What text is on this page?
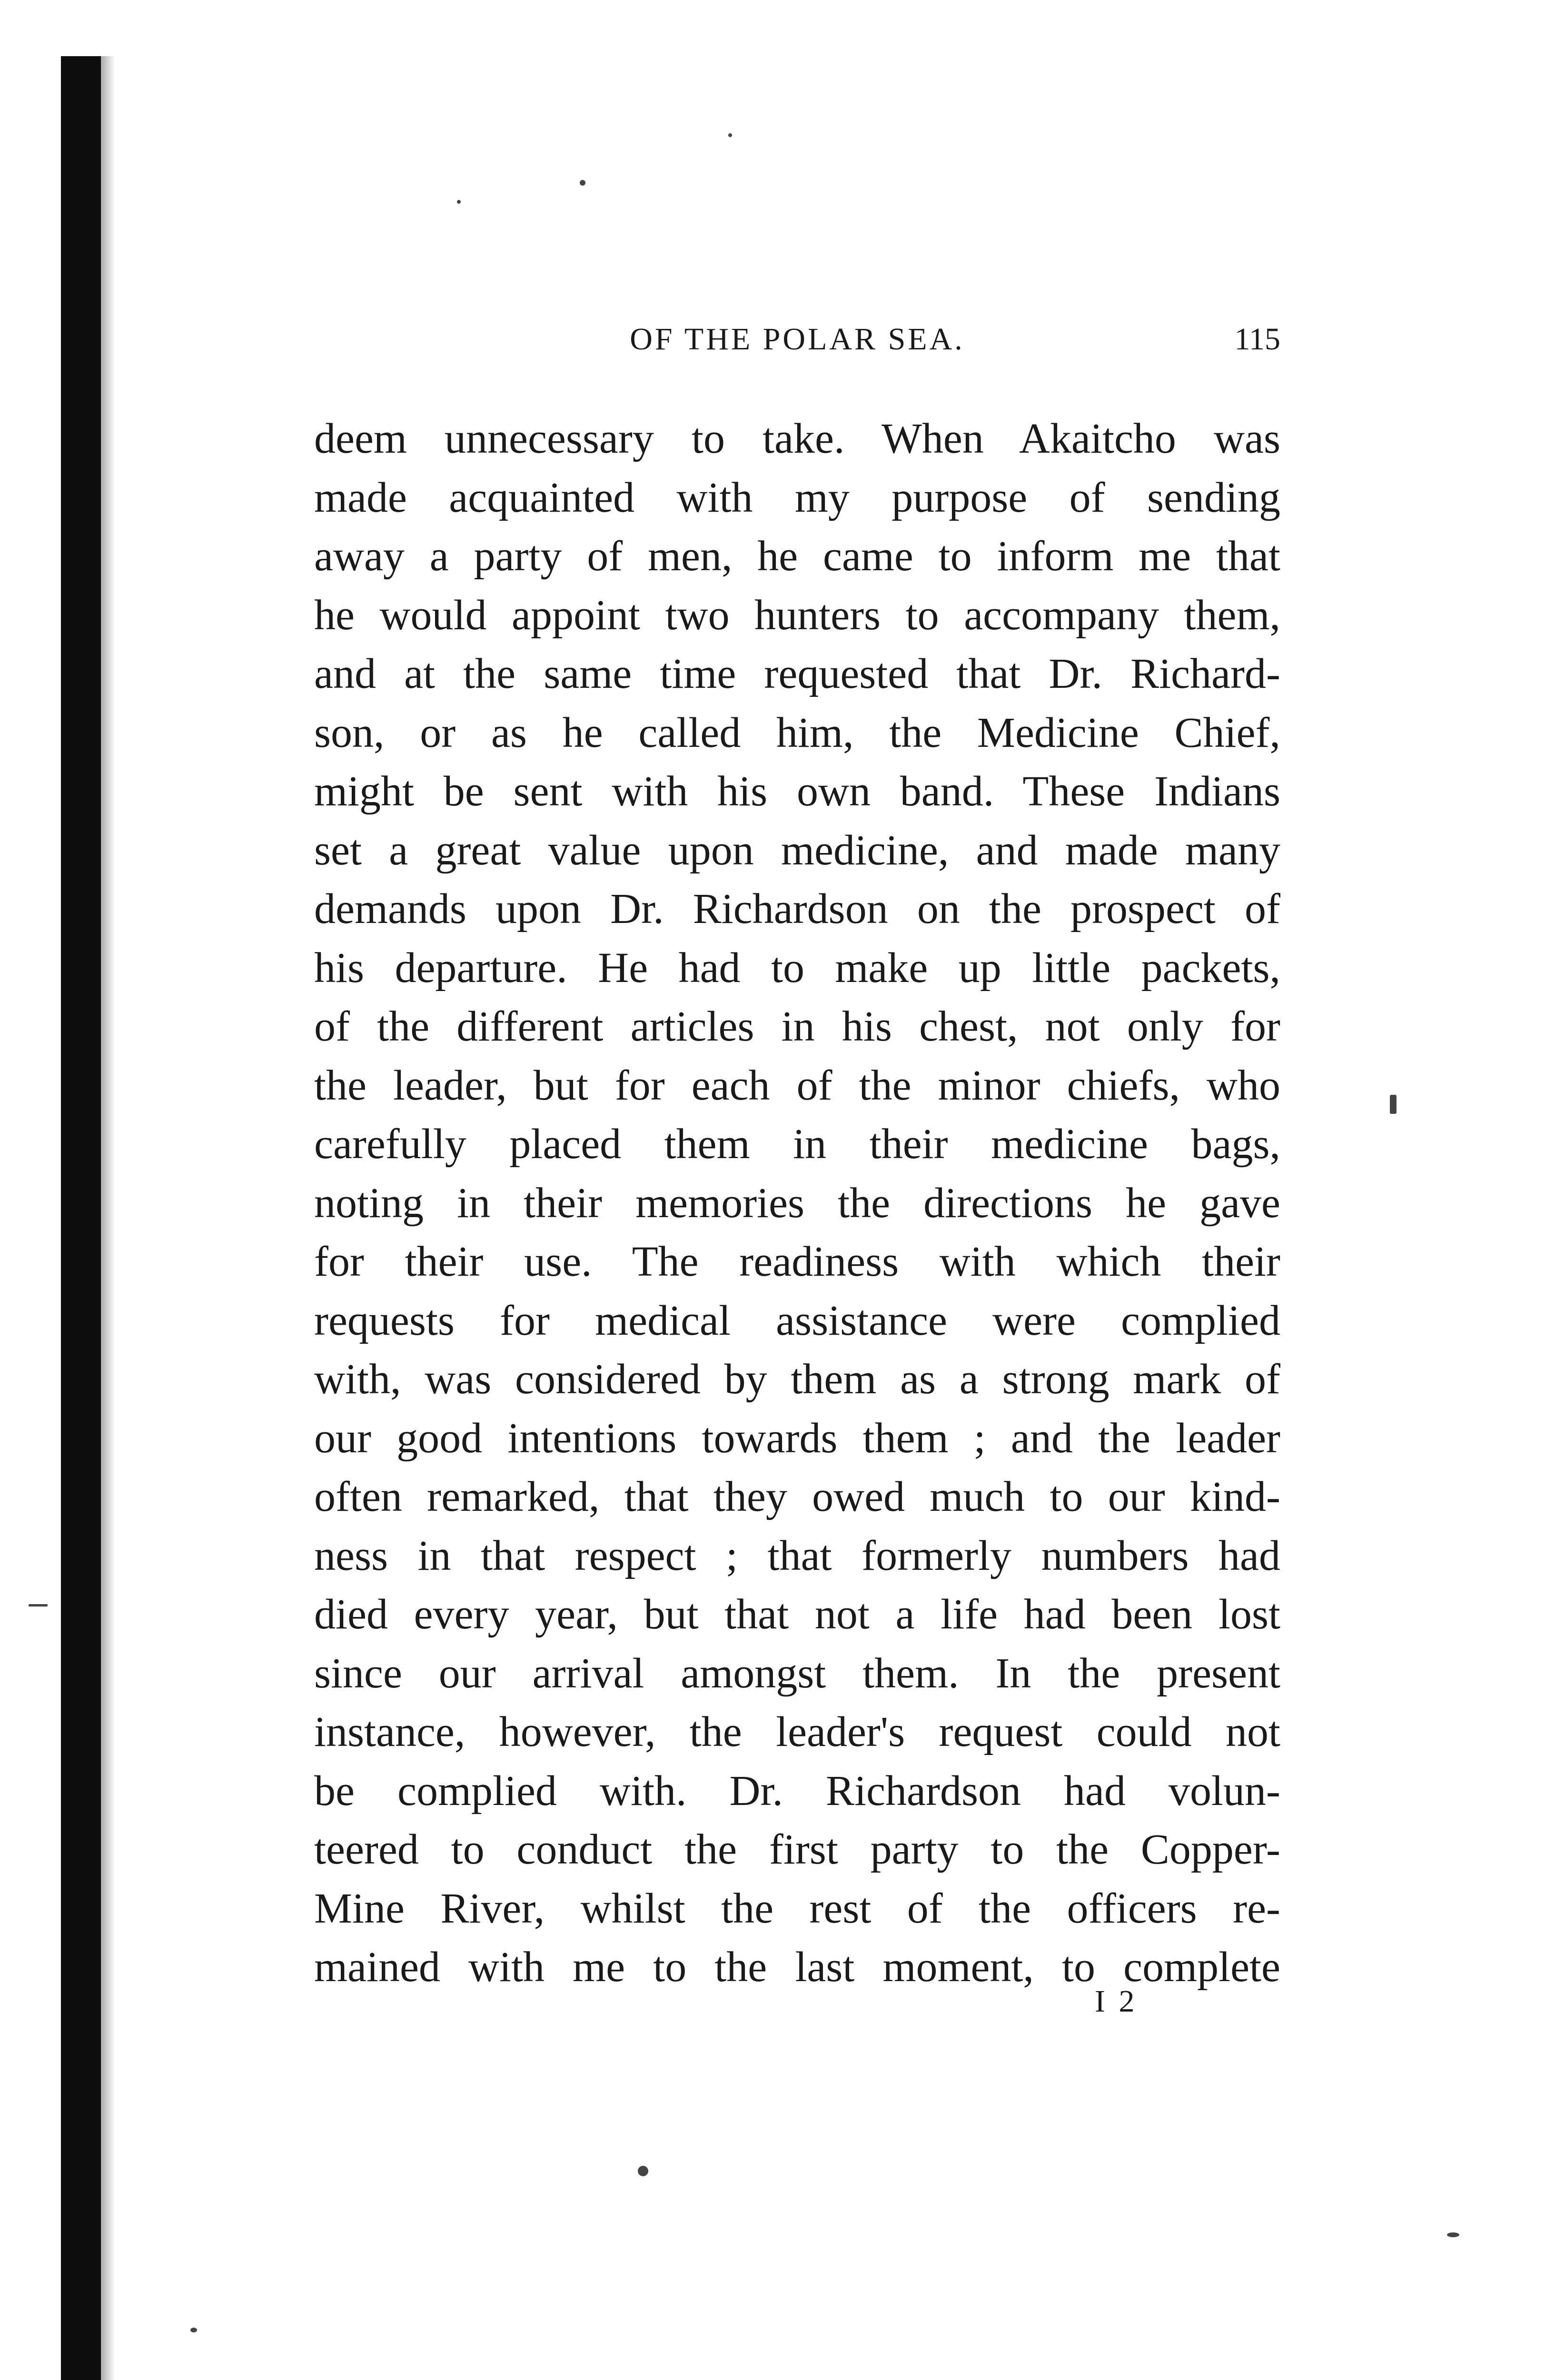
OF THE POLAR SEA.	115
deem unnecessary to take. When Akaitcho was
made acquainted with my purpose of sending
away a party of men, he came to inform me that
he would appoint two hunters to accompany them,
and at the same time requested that Dr. Richard-
son, or as he called him, the Medicine Chief,
might be sent with his own band. These Indians
set a great value upon medicine, and made many
demands upon Dr. Richardson on the prospect of
his departure. He had to make up little packets,
of the different articles in his chest, not only for
the leader, but for each of the minor chiefs, who
carefully placed them in their medicine bags,
noting in their memories the directions he gave
for their use. The readiness with which their
requests for medical assistance were complied
with, was considered by them as a strong mark of
our good intentions towards them ; and the leader
often remarked, that they owed much to our kind-
ness in that respect ; that formerly numbers had
died every year, but that not a life had been lost
since our arrival amongst them. In the present
instance, however, the leader's request could not
be complied with. Dr. Richardson had volun-
teered to conduct the first party to the Copper-
Mine River, whilst the rest of the officers re-
mained with me to the last moment, to complete
I 2
